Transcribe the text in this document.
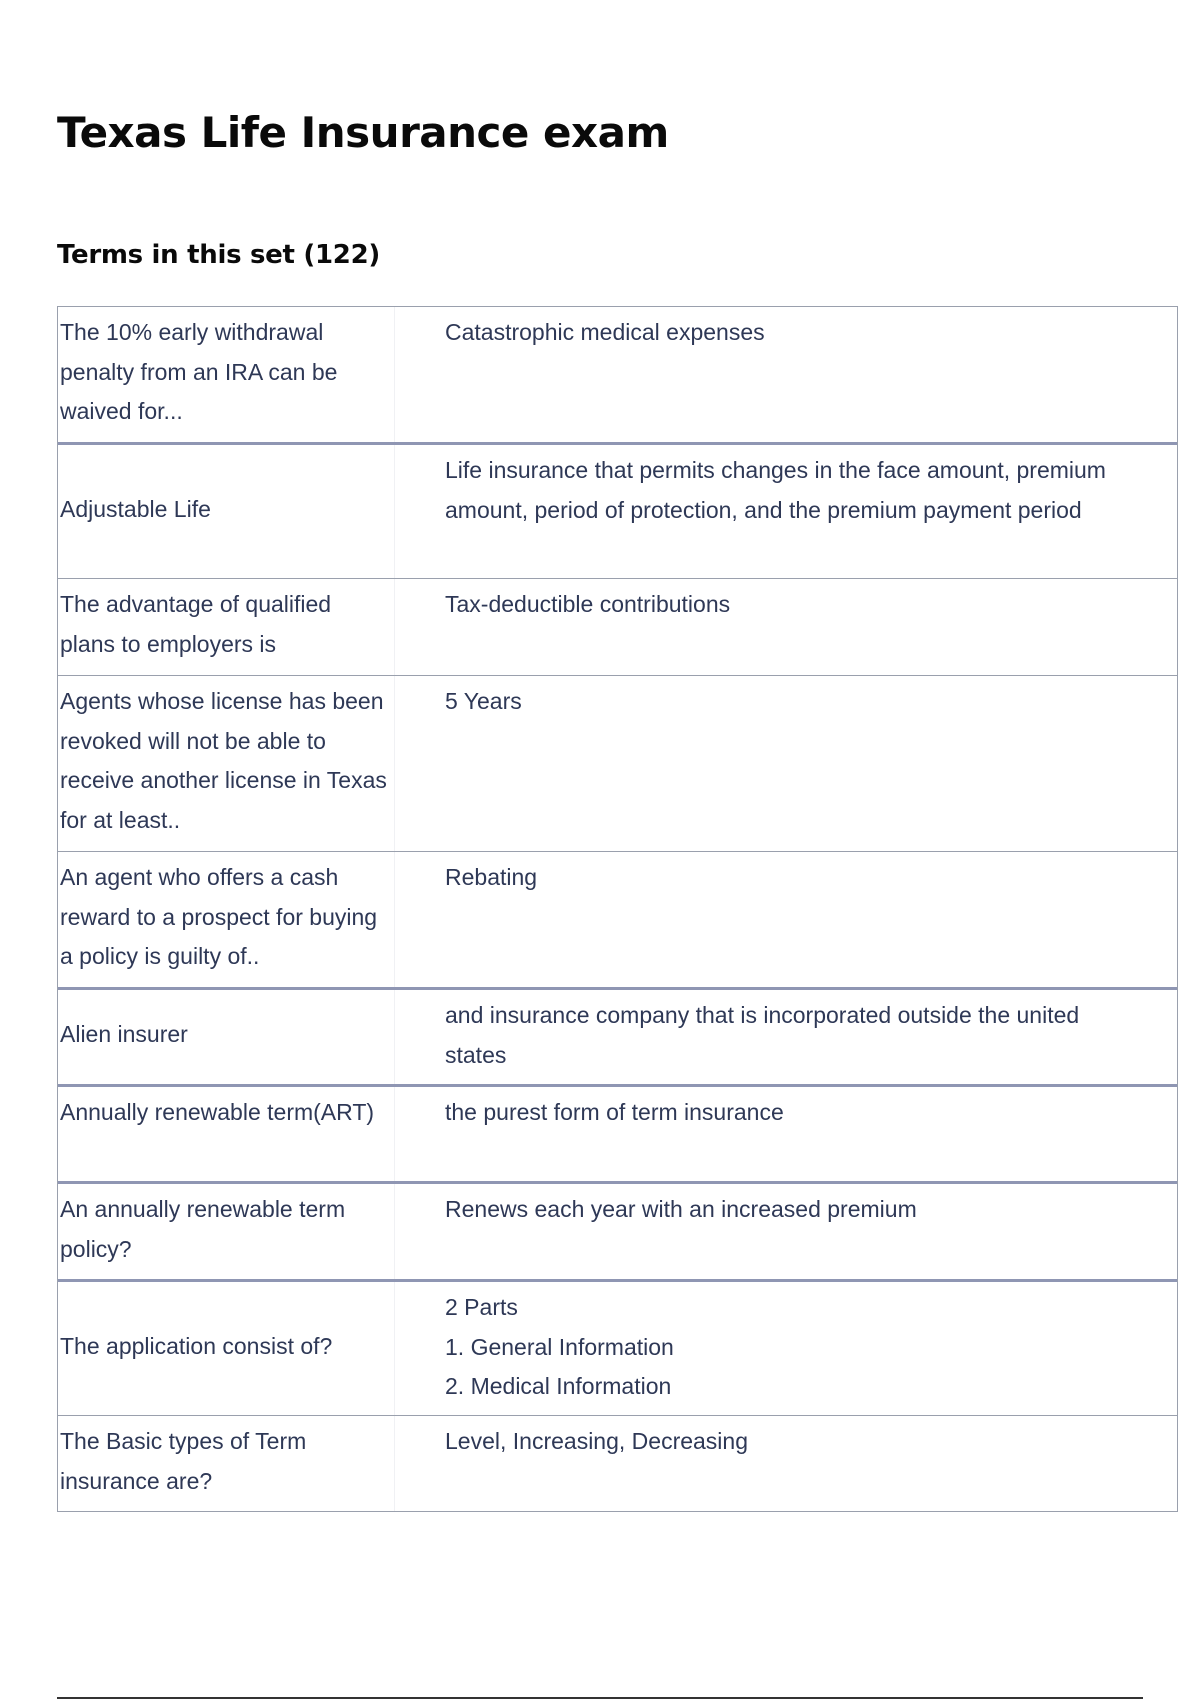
Texas Life Insurance exam
Terms in this set (122)
The 10% early withdrawal penalty from an IRA can be waived for...
Catastrophic medical expenses
Adjustable Life
Life insurance that permits changes in the face amount, premium amount, period of protection, and the premium payment period
The advantage of qualified plans to employers is
Tax-deductible contributions
Agents whose license has been revoked will not be able to receive another license in Texas for at least..
5 Years
An agent who offers a cash reward to a prospect for buying a policy is guilty of..
Rebating
Alien insurer
and insurance company that is incorporated outside the united states
Annually renewable term(ART)	the purest form of term insurance
An annually renewable term policy?
Renews each year with an increased premium
The application consist of?
2 Parts
1. General Information
2. Medical Information
The Basic types of Term insurance are?
Level, Increasing, Decreasing
